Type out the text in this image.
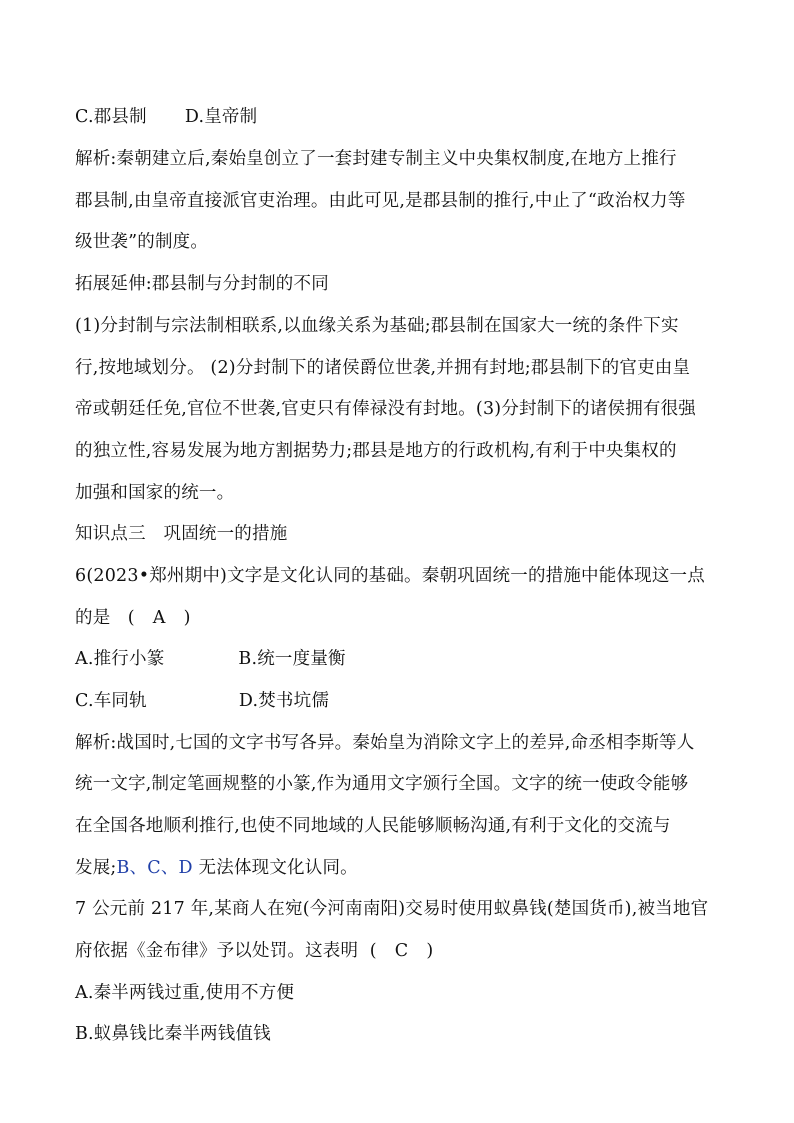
C.郡县制 D.皇帝制
解析:秦朝建立后,秦始皇创立了一套封建专制主义中央集权制度,在地方上推行
郡县制,由皇帝直接派官吏治理。由此可见,是郡县制的推行,中止了“政治权力等
级世袭”的制度。
拓展延伸:郡县制与分封制的不同
(1)分封制与宗法制相联系,以血缘关系为基础;郡县制在国家大一统的条件下实
行,按地域划分。 (2)分封制下的诸侯爵位世袭,并拥有封地;郡县制下的官吏由皇
帝或朝廷任免,官位不世袭,官吏只有俸禄没有封地。(3)分封制下的诸侯拥有很强
的独立性,容易发展为地方割据势力;郡县是地方的行政机构,有利于中央集权的
加强和国家的统一。
知识点三　巩固统一的措施
6(2023•郑州期中)文字是文化认同的基础。秦朝巩固统一的措施中能体现这一点
的是 ( A )
A.推行小篆	B.统一度量衡
C.车同轨	D.焚书坑儒
解析:战国时,七国的文字书写各异。秦始皇为消除文字上的差异,命丞相李斯等人
统一文字,制定笔画规整的小篆,作为通用文字颁行全国。文字的统一使政令能够
在全国各地顺利推行,也使不同地域的人民能够顺畅沟通,有利于文化的交流与
发展;B、C、D 无法体现文化认同。
7 公元前 217 年,某商人在宛(今河南南阳)交易时使用蚁鼻钱(楚国货币),被当地官
府依据《金布律》予以处罚。这表明 ( C )
A.秦半两钱过重,使用不方便
B.蚁鼻钱比秦半两钱值钱
